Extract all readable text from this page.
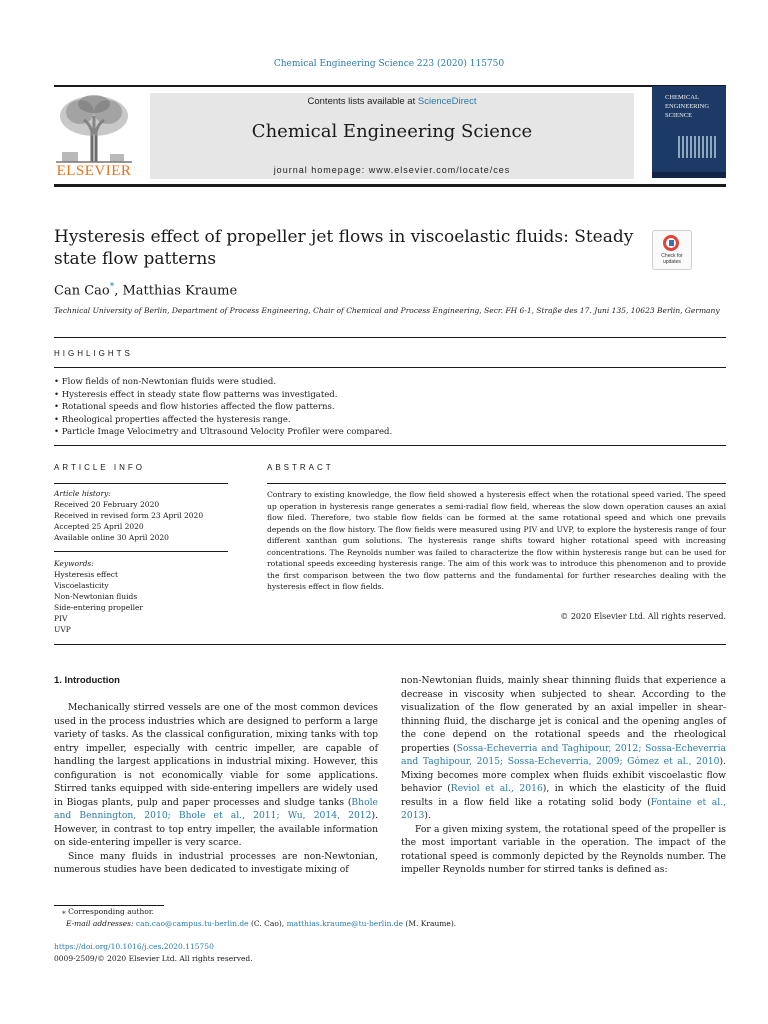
Chemical Engineering Science 223 (2020) 115750
ELSEVIER
Contents lists available at ScienceDirect
Chemical Engineering Science
journal homepage: www.elsevier.com/locate/ces
CHEMICAL
ENGINEERING
SCIENCE
Hysteresis effect of propeller jet flows in viscoelastic fluids: Steady state flow patterns	Check for updates
Can Cao*, Matthias Kraume
Technical University of Berlin, Department of Process Engineering, Chair of Chemical and Process Engineering, Secr. FH 6-1, Straße des 17. Juni 135, 10623 Berlin, Germany
HIGHLIGHTS
• Flow fields of non-Newtonian fluids were studied.
• Hysteresis effect in steady state flow patterns was investigated.
• Rotational speeds and flow histories affected the flow patterns.
• Rheological properties affected the hysteresis range.
• Particle Image Velocimetry and Ultrasound Velocity Profiler were compared.
ARTICLE INFO
Article history:
Received 20 February 2020
Received in revised form 23 April 2020
Accepted 25 April 2020
Available online 30 April 2020
Keywords:
Hysteresis effect
Viscoelasticity
Non-Newtonian fluids
Side-entering propeller
PIV
UVP
ABSTRACT
Contrary to existing knowledge, the flow field showed a hysteresis effect when the rotational speed varied. The speed up operation in hysteresis range generates a semi-radial flow field, whereas the slow down operation causes an axial flow filed. Therefore, two stable flow fields can be formed at the same rotational speed and which one prevails depends on the flow history. The flow fields were measured using PIV and UVP, to explore the hysteresis range of four different xanthan gum solutions. The hysteresis range shifts toward higher rotational speed with increasing concentrations. The Reynolds number was failed to characterize the flow within hysteresis range but can be used for rotational speeds exceeding hysteresis range. The aim of this work was to introduce this phenomenon and to provide the first comparison between the two flow patterns and the fundamental for further researches dealing with the hysteresis effect in flow fields.
© 2020 Elsevier Ltd. All rights reserved.
1. Introduction

Mechanically stirred vessels are one of the most common devices used in the process industries which are designed to perform a large variety of tasks. As the classical configuration, mixing tanks with top entry impeller, especially with centric impeller, are capable of handling the largest applications in industrial mixing. However, this configuration is not economically viable for some applications. Stirred tanks equipped with side-entering impellers are widely used in Biogas plants, pulp and paper processes and sludge tanks (Bhole and Bennington, 2010; Bhole et al., 2011; Wu, 2014, 2012). However, in contrast to top entry impeller, the available information on side-entering impeller is very scarce.

Since many fluids in industrial processes are non-Newtonian, numerous studies have been dedicated to investigate mixing of

non-Newtonian fluids, mainly shear thinning fluids that experience a decrease in viscosity when subjected to shear. According to the visualization of the flow generated by an axial impeller in shear-thinning fluid, the discharge jet is conical and the opening angles of the cone depend on the rotational speeds and the rheological properties (Sossa-Echeverria and Taghipour, 2012; Sossa-Echeverria and Taghipour, 2015; Sossa-Echeverria, 2009; Gómez et al., 2010). Mixing becomes more complex when fluids exhibit viscoelastic flow behavior (Reviol et al., 2016), in which the elasticity of the fluid results in a flow field like a rotating solid body (Fontaine et al., 2013).

For a given mixing system, the rotational speed of the propeller is the most important variable in the operation. The impact of the rotational speed is commonly depicted by the Reynolds number. The impeller Reynolds number for stirred tanks is defined as:

⁎ Corresponding author.
E-mail addresses: can.cao@campus.tu-berlin.de (C. Cao), matthias.kraume@tu-berlin.de (M. Kraume).
https://doi.org/10.1016/j.ces.2020.115750
0009-2509/© 2020 Elsevier Ltd. All rights reserved.
